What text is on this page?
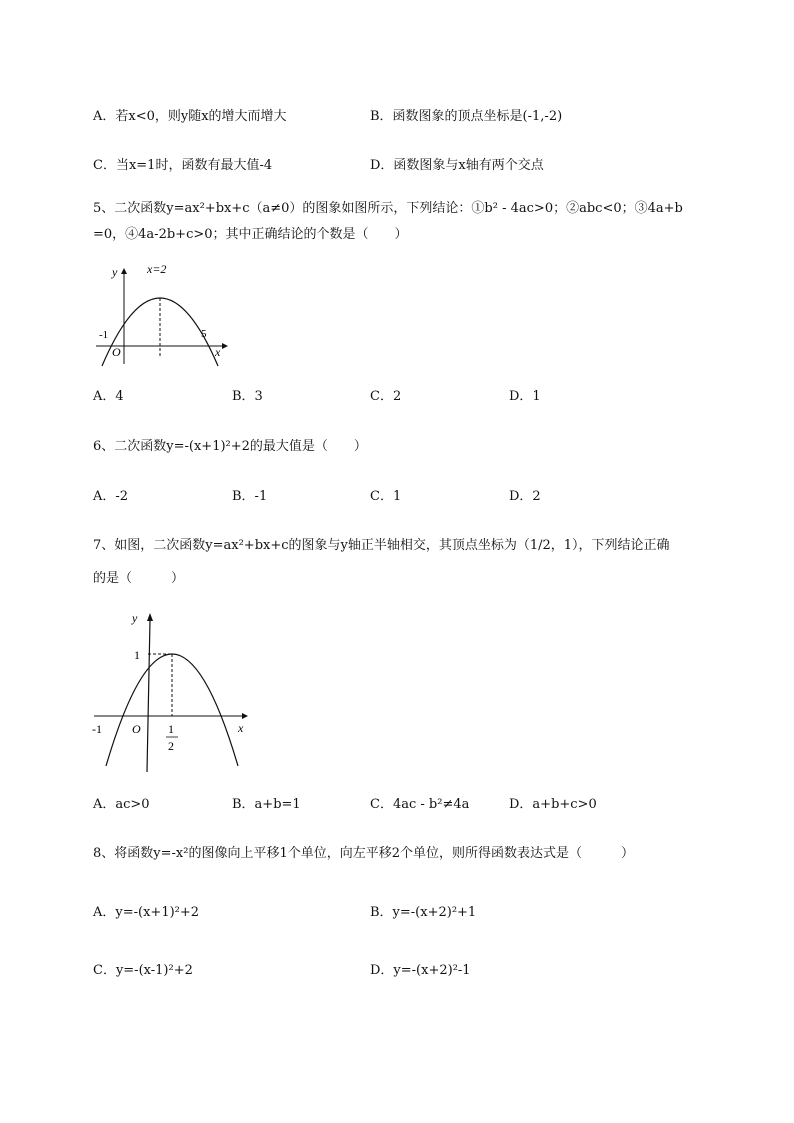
A．若x<0，则y随x的增大而增大	B．函数图象的顶点坐标是(-1,-2)
C．当x=1时，函数有最大值-4	D．函数图象与x轴有两个交点
5、二次函数y=ax²+bx+c（a≠0）的图象如图所示，下列结论：①b² - 4ac>0；②abc<0；③4a+b
=0，④4a-2b+c>0；其中正确结论的个数是（　　）
y x=2
-1	5
O	x
A．4	B．3	C．2	D．1
6、二次函数y=-(x+1)²+2的最大值是（　　）
A．-2	B．-1	C．1	D．2
7、如图，二次函数y=ax²+bx+c的图象与y轴正半轴相交，其顶点坐标为（1/2，1），下列结论正确
的是（　　　）
y
1
-1	O	x
1
2
A．ac>0	B．a+b=1	C．4ac - b²≠4a	D．a+b+c>0
8、将函数y=-x²的图像向上平移1个单位，向左平移2个单位，则所得函数表达式是（　　　）
A．y=-(x+1)²+2	B．y=-(x+2)²+1
C．y=-(x-1)²+2	D．y=-(x+2)²-1
